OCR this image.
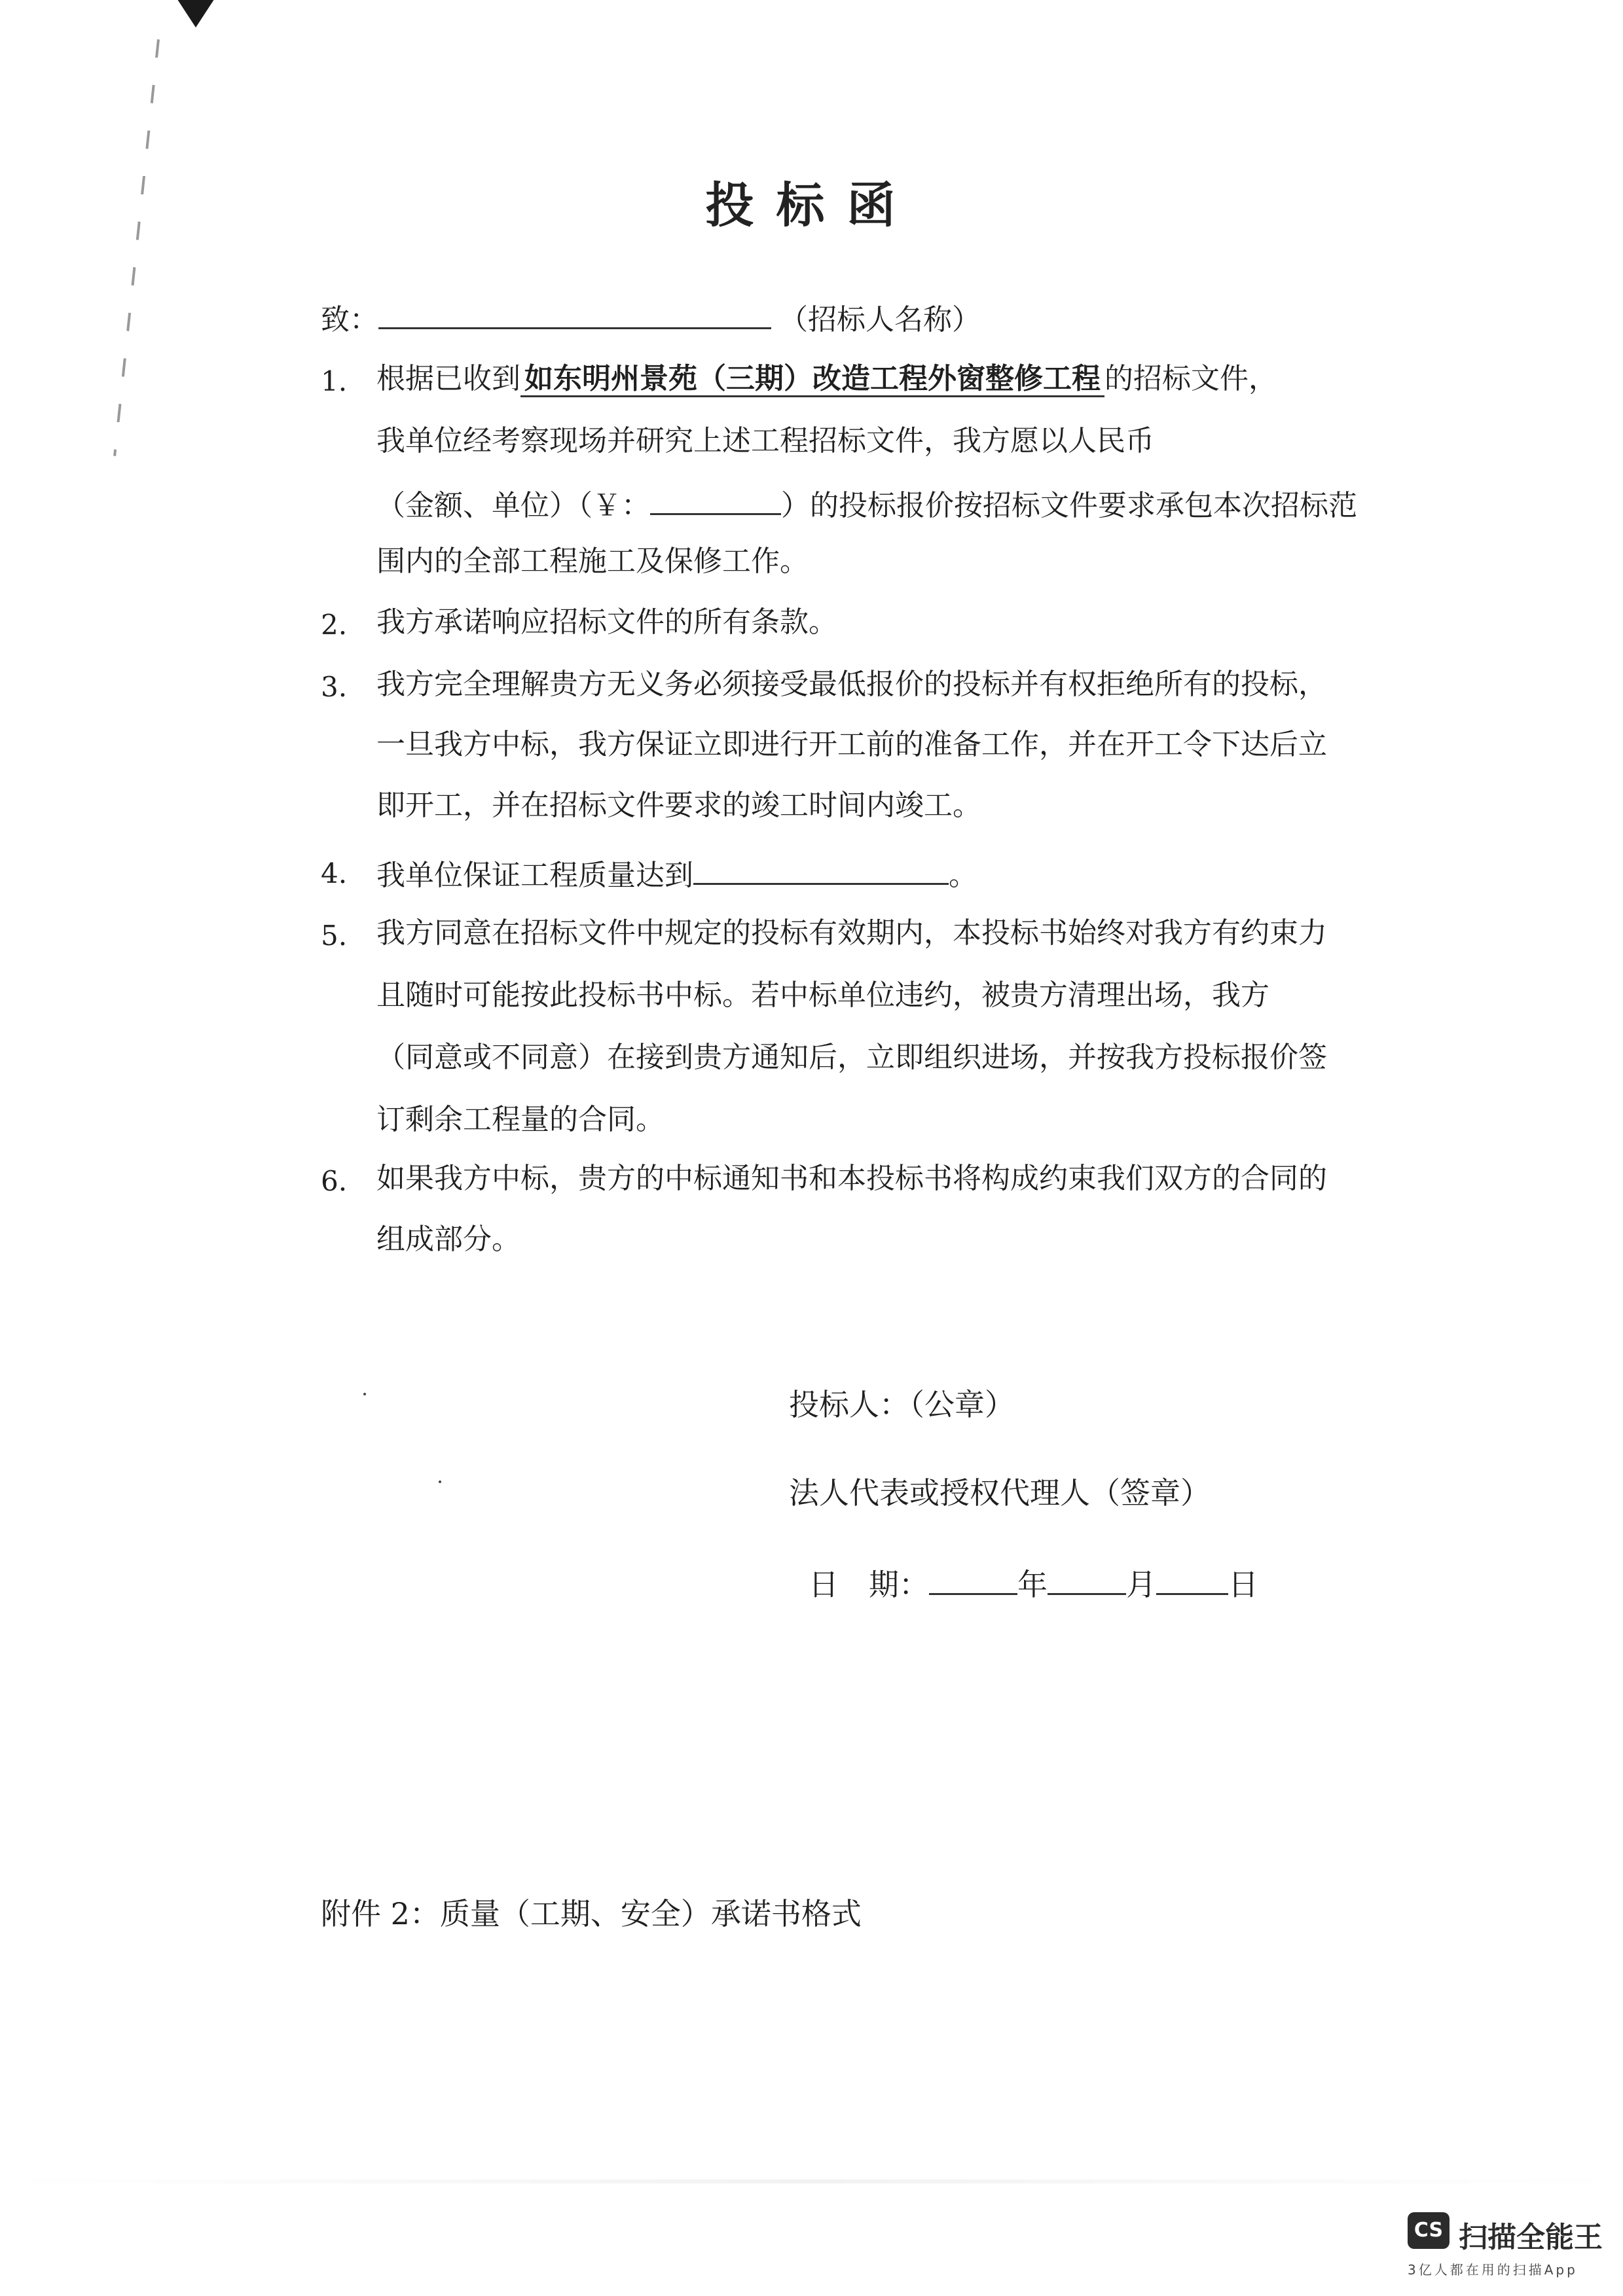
投标函
致：	（招标人名称）
1. 根据已收到 如东明州景苑（三期）改造工程外窗整修工程 的招标文件，
我单位经考察现场并研究上述工程招标文件，我方愿以人民币
（金额、单位）（￥：	）的投标报价按招标文件要求承包本次招标范
围内的全部工程施工及保修工作。
2. 我方承诺响应招标文件的所有条款。
3. 我方完全理解贵方无义务必须接受最低报价的投标并有权拒绝所有的投标，
一旦我方中标，我方保证立即进行开工前的准备工作，并在开工令下达后立
即开工，并在招标文件要求的竣工时间内竣工。
4. 我单位保证工程质量达到	。
5. 我方同意在招标文件中规定的投标有效期内，本投标书始终对我方有约束力
且随时可能按此投标书中标。若中标单位违约，被贵方清理出场，我方
（同意或不同意）在接到贵方通知后，立即组织进场，并按我方投标报价签
订剩余工程量的合同。
6. 如果我方中标，贵方的中标通知书和本投标书将构成约束我们双方的合同的
组成部分。
投标人：（公章）
法人代表或授权代理人（签章）
日　期：	年	月 日
附件 2：质量（工期、安全）承诺书格式
CS 扫描全能王
3亿人都在用的扫描App
